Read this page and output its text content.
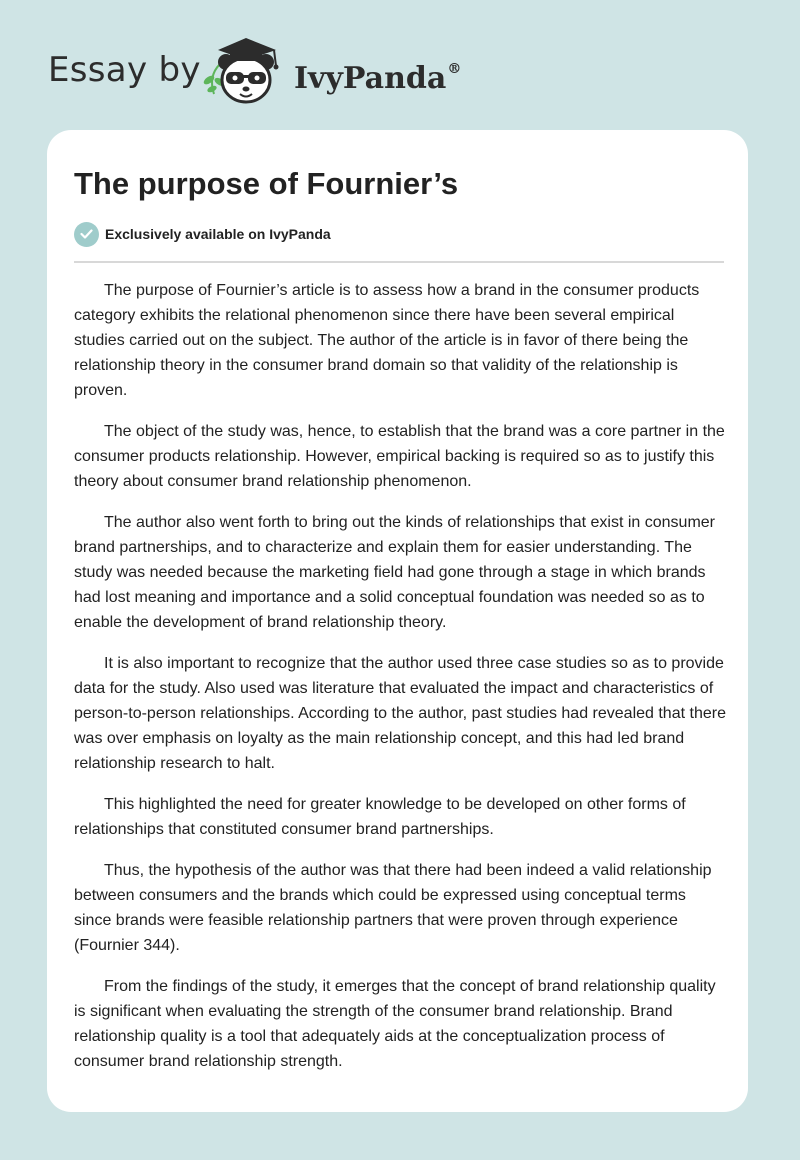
Essay by	IvyPanda®
The purpose of Fournier’s
Exclusively available on IvyPanda

The purpose of Fournier’s article is to assess how a brand in the consumer products category exhibits the relational phenomenon since there have been several empirical studies carried out on the subject. The author of the article is in favor of there being the relationship theory in the consumer brand domain so that validity of the relationship is proven.

The object of the study was, hence, to establish that the brand was a core partner in the consumer products relationship. However, empirical backing is required so as to justify this theory about consumer brand relationship phenomenon.

The author also went forth to bring out the kinds of relationships that exist in consumer brand partnerships, and to characterize and explain them for easier understanding. The study was needed because the marketing field had gone through a stage in which brands had lost meaning and importance and a solid conceptual foundation was needed so as to enable the development of brand relationship theory.

It is also important to recognize that the author used three case studies so as to provide data for the study. Also used was literature that evaluated the impact and characteristics of person-to-person relationships. According to the author, past studies had revealed that there was over emphasis on loyalty as the main relationship concept, and this had led brand relationship research to halt.

This highlighted the need for greater knowledge to be developed on other forms of relationships that constituted consumer brand partnerships.

Thus, the hypothesis of the author was that there had been indeed a valid relationship between consumers and the brands which could be expressed using conceptual terms since brands were feasible relationship partners that were proven through experience (Fournier 344).

From the findings of the study, it emerges that the concept of brand relationship quality is significant when evaluating the strength of the consumer brand relationship. Brand relationship quality is a tool that adequately aids at the conceptualization process of consumer brand relationship strength.
